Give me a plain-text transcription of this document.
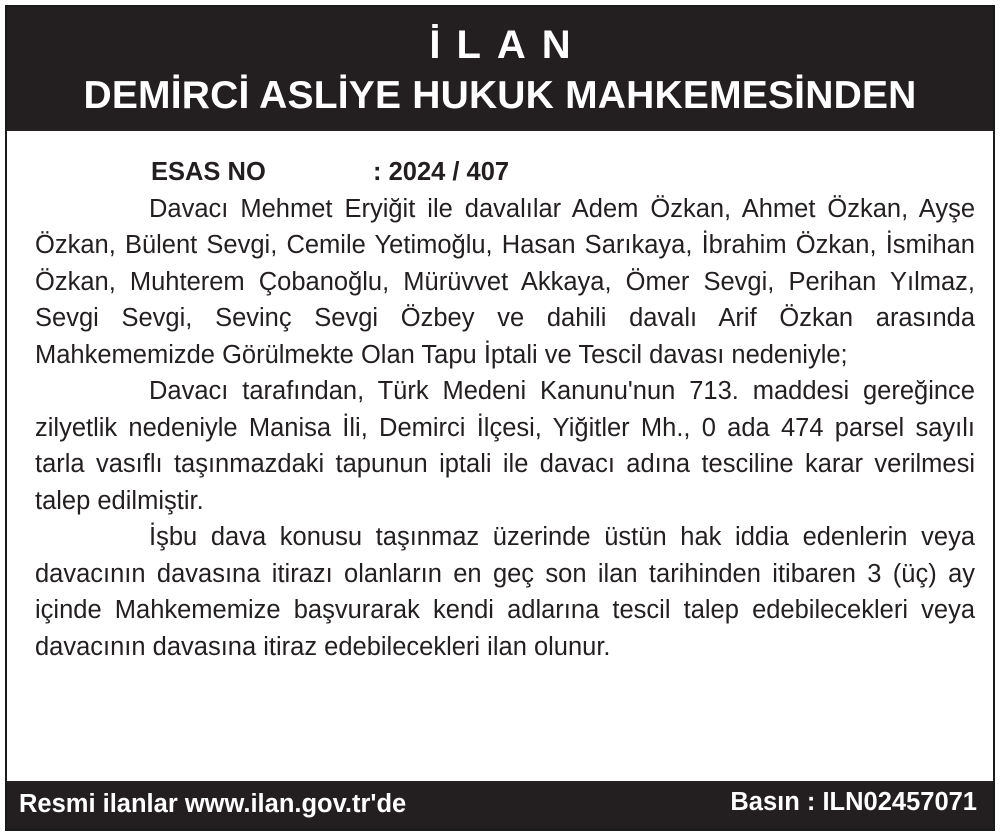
İLAN
DEMİRCİ ASLİYE HUKUK MAHKEMESİNDEN
ESAS NO	: 2024 / 407

Davacı Mehmet Eryiğit ile davalılar Adem Özkan, Ahmet Özkan, Ayşe Özkan, Bülent Sevgi, Cemile Yetimoğlu, Hasan Sarıkaya, İbrahim Özkan, İsmihan Özkan, Muhterem Çobanoğlu, Mürüvvet Akkaya, Ömer Sevgi, Perihan Yılmaz, Sevgi Sevgi, Sevinç Sevgi Özbey ve dahili davalı Arif Özkan arasında Mahkememizde Görülmekte Olan Tapu İptali ve Tescil davası nedeniyle;

Davacı tarafından, Türk Medeni Kanunu'nun 713. maddesi gereğince zilyetlik nedeniyle Manisa İli, Demirci İlçesi, Yiğitler Mh., 0 ada 474 parsel sayılı tarla vasıflı taşınmazdaki tapunun iptali ile davacı adına tesciline karar verilmesi talep edilmiştir.

İşbu dava konusu taşınmaz üzerinde üstün hak iddia edenlerin veya davacının davasına itirazı olanların en geç son ilan tarihinden itibaren 3 (üç) ay içinde Mahkememize başvurarak kendi adlarına tescil talep edebilecekleri veya davacının davasına itiraz edebilecekleri ilan olunur.

Resmi ilanlar www.ilan.gov.tr'de	Basın : ILN02457071
